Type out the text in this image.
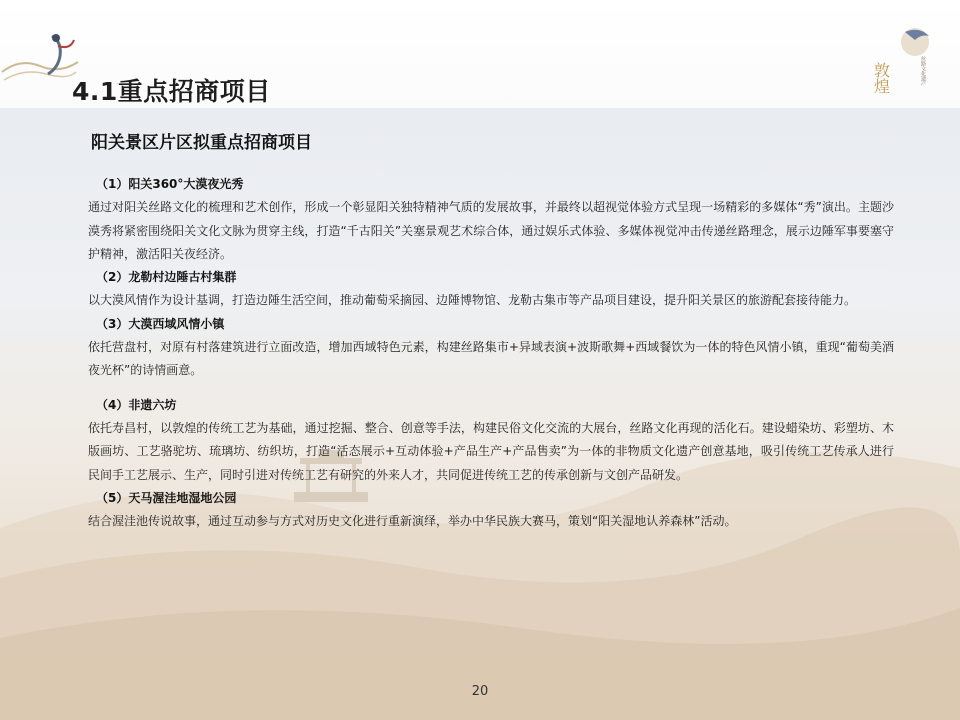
4.1重点招商项目	敦煌	丝路文化遗产
阳关景区片区拟重点招商项目
（1）阳关360°大漠夜光秀
通过对阳关丝路文化的梳理和艺术创作，形成一个彰显阳关独特精神气质的发展故事，并最终以超视觉体验方式呈现一场精彩的多媒体“秀”演出。主题沙漠秀将紧密围绕阳关文化文脉为贯穿主线，打造“千古阳关”关塞景观艺术综合体，通过娱乐式体验、多媒体视觉冲击传递丝路理念，展示边陲军事要塞守护精神，激活阳关夜经济。
（2）龙勒村边陲古村集群
以大漠风情作为设计基调，打造边陲生活空间，推动葡萄采摘园、边陲博物馆、龙勒古集市等产品项目建设，提升阳关景区的旅游配套接待能力。
（3）大漠西域风情小镇
依托营盘村，对原有村落建筑进行立面改造，增加西域特色元素，构建丝路集市+异域表演+波斯歌舞+西域餐饮为一体的特色风情小镇，重现“葡萄美酒夜光杯”的诗情画意。
（4）非遗六坊
依托寿昌村，以敦煌的传统工艺为基础，通过挖掘、整合、创意等手法，构建民俗文化交流的大展台，丝路文化再现的活化石。建设蜡染坊、彩塑坊、木版画坊、工艺骆驼坊、琉璃坊、纺织坊，打造“活态展示+互动体验+产品生产+产品售卖”为一体的非物质文化遗产创意基地，吸引传统工艺传承人进行民间手工艺展示、生产，同时引进对传统工艺有研究的外来人才，共同促进传统工艺的传承创新与文创产品研发。
（5）天马渥洼地湿地公园
结合渥洼池传说故事，通过互动参与方式对历史文化进行重新演绎，举办中华民族大赛马，策划“阳关湿地认养森林”活动。
20
